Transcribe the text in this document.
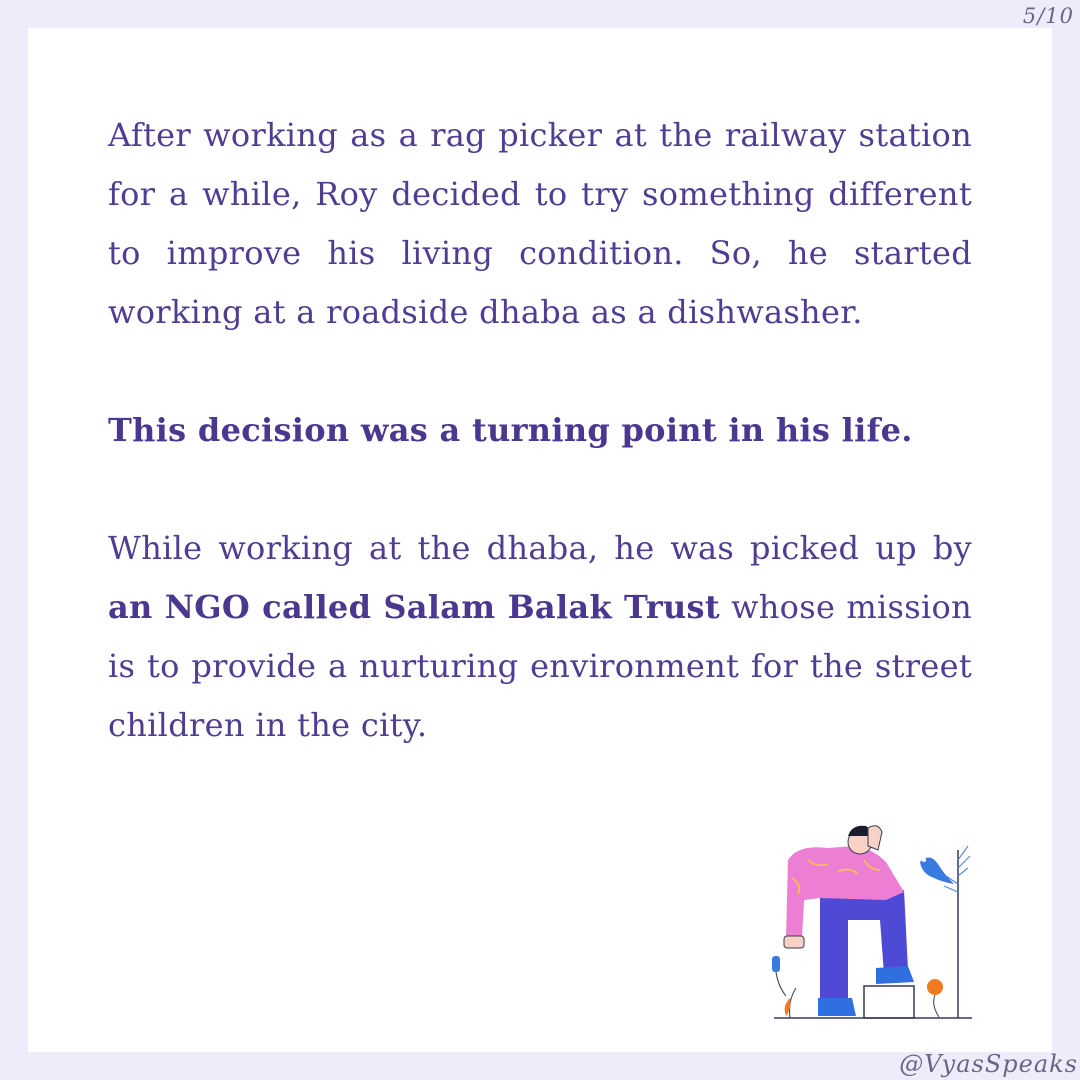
5/10

After working as a rag picker at the railway station for a while, Roy decided to try something different to improve his living condition. So, he started working at a roadside dhaba as a dishwasher.

This decision was a turning point in his life.

While working at the dhaba, he was picked up by an NGO called Salam Balak Trust whose mission is to provide a nurturing environment for the street children in the city.

@VyasSpeaks
